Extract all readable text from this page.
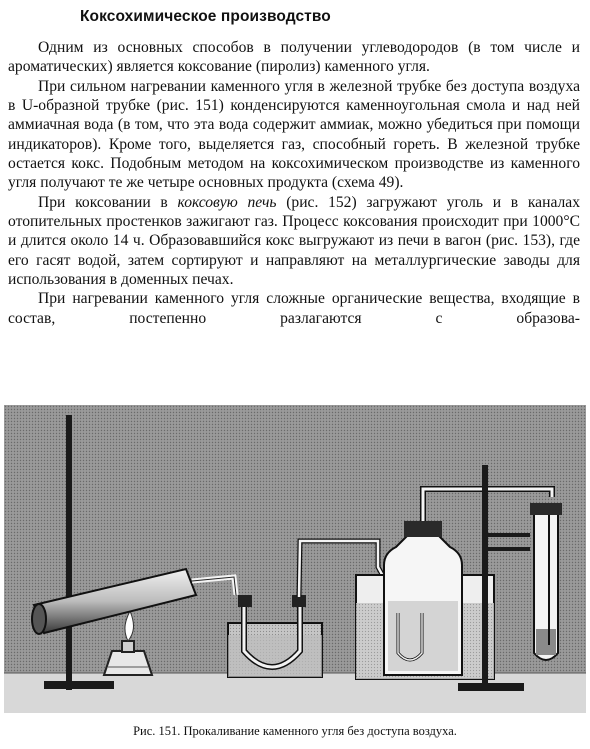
Коксохимическое производство

Одним из основных способов в получении углеводородов (в том числе и ароматических) является коксование (пиролиз) каменного угля.

При сильном нагревании каменного угля в железной трубке без доступа воздуха в U-образной трубке (рис. 151) конденсируются каменноугольная смола и над ней аммиачная вода (в том, что эта вода содержит аммиак, можно убедиться при помощи индикаторов). Кроме того, выделяется газ, способный гореть. В железной трубке остается кокс. Подобным методом на коксохимическом производстве из каменного угля получают те же четыре основных продукта (схема 49).

При коксовании в коксовую печь (рис. 152) загружают уголь и в каналах отопительных простенков зажигают газ. Процесс коксования происходит при 1000°C и длится около 14 ч. Образовавшийся кокс выгружают из печи в вагон (рис. 153), где его гасят водой, затем сортируют и направляют на металлургические заводы для использования в доменных печах.

При нагревании каменного угля сложные органические вещества, входящие в состав, постепенно разлагаются с образова-

Рис. 151. Прокаливание каменного угля без доступа воздуха.
